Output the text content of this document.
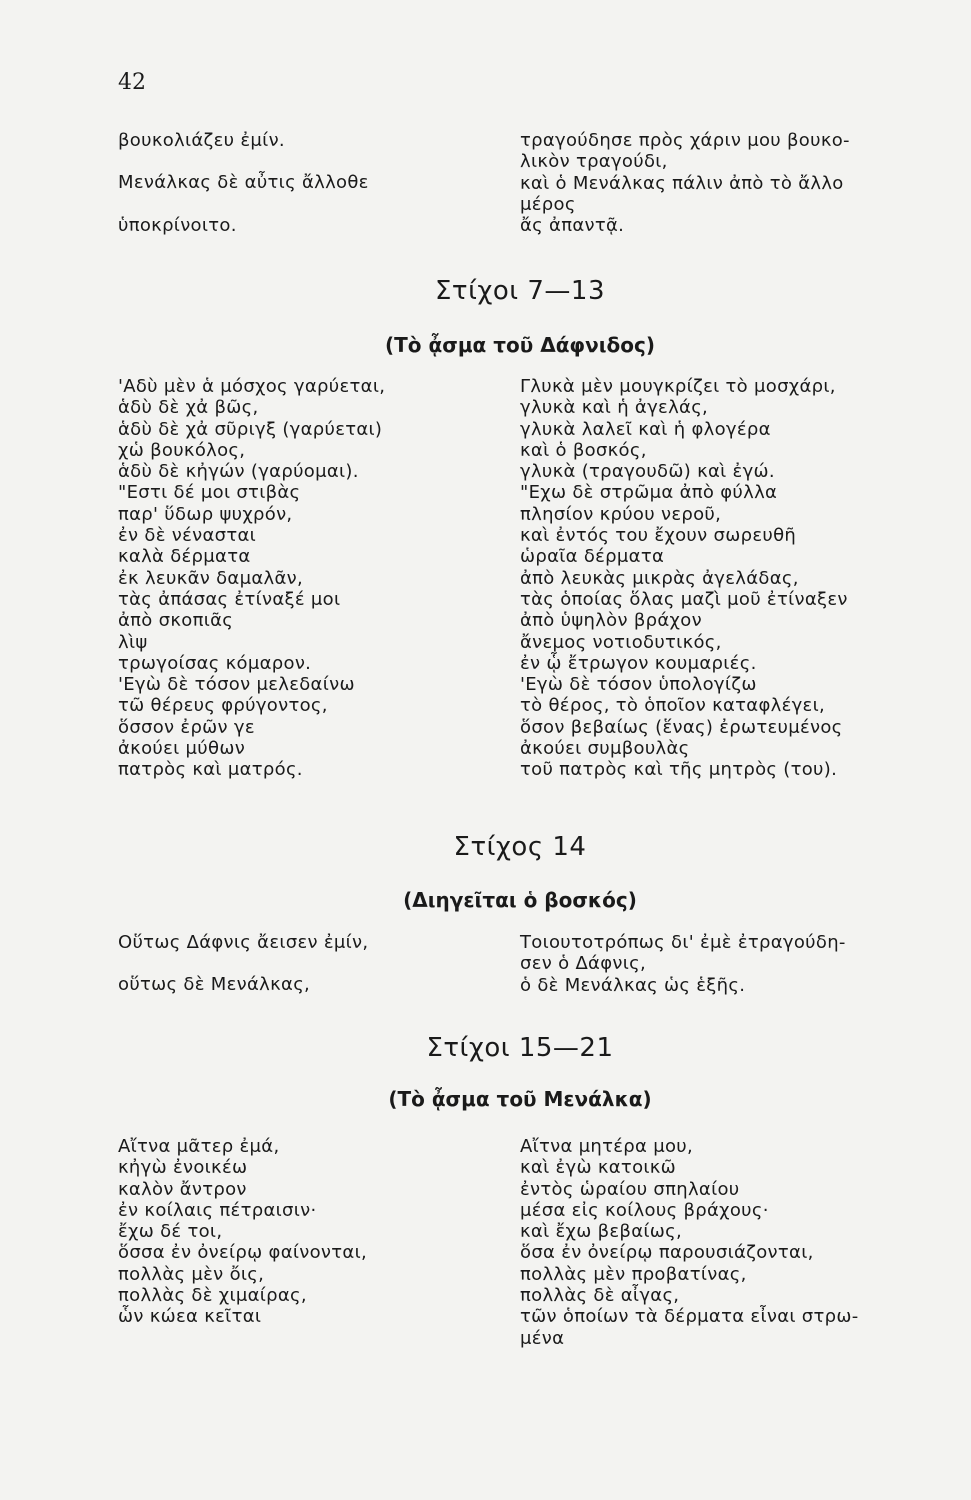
42
βουκολιάζευ ἐμίν.
Μενάλκας δὲ αὖτις ἄλλοθε
ὑποκρίνοιτο.
τραγούδησε πρὸς χάριν μου βουκο-
λικὸν τραγούδι,
καὶ ὁ Μενάλκας πάλιν ἀπὸ τὸ ἄλλο
μέρος
ἄς ἀπαντᾷ.
Στίχοι 7—13
(Τὸ ᾆσμα τοῦ Δάφνιδος)
'Αδὺ μὲν ἁ μόσχος γαρύεται,
ἁδὺ δὲ χἀ βῶς,
ἁδὺ δὲ χἀ σῦριγξ (γαρύεται)
χὡ βουκόλος,
ἁδὺ δὲ κἠγών (γαρύομαι).
"Εστι δέ μοι στιβὰς
παρ' ὕδωρ ψυχρόν,
ἐν δὲ νένασται
καλὰ δέρματα
ἐκ λευκᾶν δαμαλᾶν,
τὰς ἀπάσας ἐτίναξέ μοι
ἀπὸ σκοπιᾶς
λὶψ
τρωγοίσας κόμαρον.
'Εγὼ δὲ τόσον μελεδαίνω
τῶ θέρευς φρύγοντος,
ὅσσον ἐρῶν γε
ἀκούει μύθων
πατρὸς καὶ ματρός.
Γλυκὰ μὲν μουγκρίζει τὸ μοσχάρι,
γλυκὰ καὶ ἡ ἀγελάς,
γλυκὰ λαλεῖ καὶ ἡ φλογέρα
καὶ ὁ βοσκός,
γλυκὰ (τραγουδῶ) καὶ ἐγώ.
"Εχω δὲ στρῶμα ἀπὸ φύλλα
πλησίον κρύου νεροῦ,
καὶ ἐντός του ἔχουν σωρευθῆ
ὡραῖα δέρματα
ἀπὸ λευκὰς μικρὰς ἀγελάδας,
τὰς ὁποίας ὅλας μαζὶ μοῦ ἐτίναξεν
ἀπὸ ὑψηλὸν βράχον
ἄνεμος νοτιοδυτικός,
ἐν ᾧ ἔτρωγον κουμαριές.
'Εγὼ δὲ τόσον ὑπολογίζω
τὸ θέρος, τὸ ὁποῖον καταφλέγει,
ὅσον βεβαίως (ἕνας) ἐρωτευμένος
ἀκούει συμβουλὰς
τοῦ πατρὸς καὶ τῆς μητρὸς (του).
Στίχος 14
(Διηγεῖται ὁ βοσκός)
Οὕτως Δάφνις ἄεισεν ἐμίν,
οὕτως δὲ Μενάλκας,
Τοιουτοτρόπως δι' ἐμὲ ἐτραγούδη-
σεν ὁ Δάφνις,
ὁ δὲ Μενάλκας ὡς ἑξῆς.
Στίχοι 15—21
(Τὸ ᾆσμα τοῦ Μενάλκα)
Αἴτνα μᾶτερ ἐμά,
κἠγὼ ἐνοικέω
καλὸν ἄντρον
ἐν κοίλαις πέτραισιν·
ἔχω δέ τοι,
ὅσσα ἐν ὀνείρῳ φαίνονται,
πολλὰς μὲν ὄις,
πολλὰς δὲ χιμαίρας,
ὧν κώεα κεῖται
Αἴτνα μητέρα μου,
καὶ ἐγὼ κατοικῶ
ἐντὸς ὡραίου σπηλαίου
μέσα εἰς κοίλους βράχους·
καὶ ἔχω βεβαίως,
ὅσα ἐν ὀνείρῳ παρουσιάζονται,
πολλὰς μὲν προβατίνας,
πολλὰς δὲ αἶγας,
τῶν ὁποίων τὰ δέρματα εἶναι στρω-
μένα
